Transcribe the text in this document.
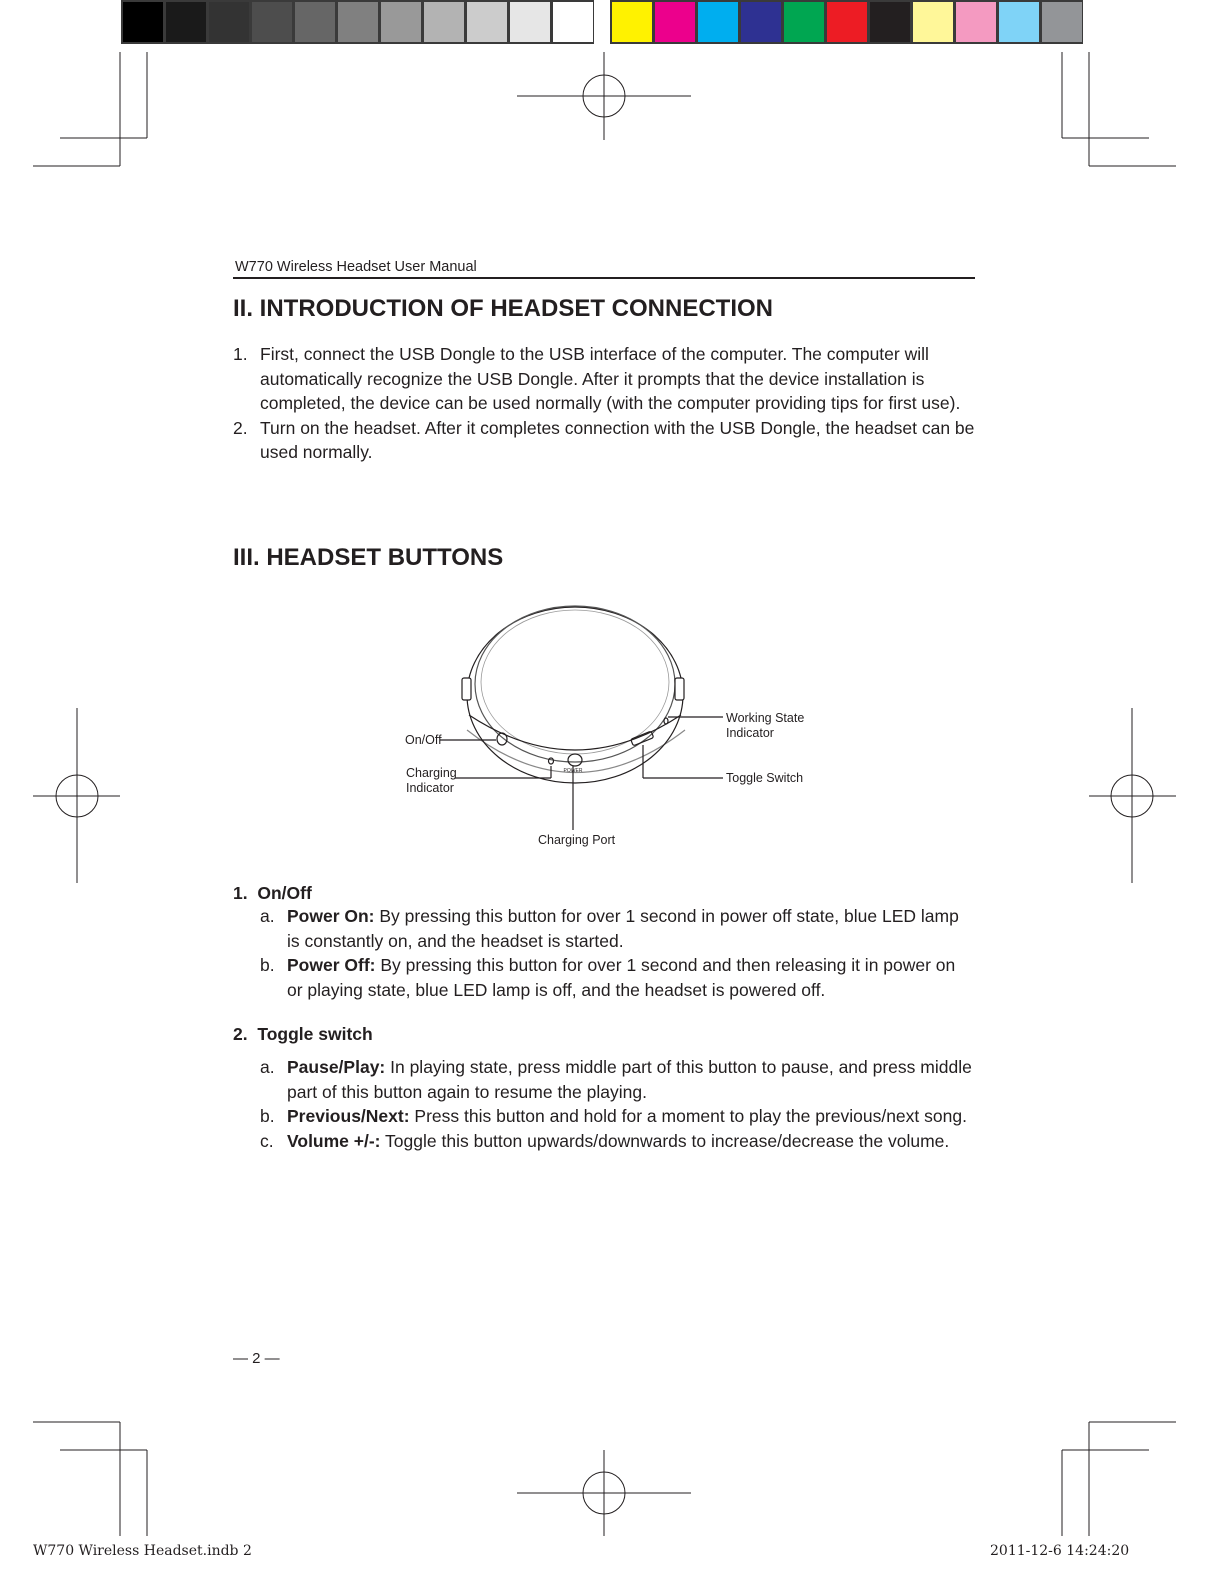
W770 Wireless Headset User Manual
II. INTRODUCTION OF HEADSET CONNECTION
1. First, connect the USB Dongle to the USB interface of the computer. The computer will automatically recognize the USB Dongle. After it prompts that the device installation is completed, the device can be used normally (with the computer providing tips for first use).
2. Turn on the headset. After it completes connection with the USB Dongle, the headset can be used normally.
III. HEADSET BUTTONS
POWER
On/Off
Charging
Indicator
Working State
Indicator
Toggle Switch
Charging Port
1. On/Off
a. Power On: By pressing this button for over 1 second in power off state, blue LED lamp is constantly on, and the headset is started.
b. Power Off: By pressing this button for over 1 second and then releasing it in power on or playing state, blue LED lamp is off, and the headset is powered off.
2. Toggle switch
a. Pause/Play: In playing state, press middle part of this button to pause, and press middle part of this button again to resume the playing.
b. Previous/Next: Press this button and hold for a moment to play the previous/next song.
c. Volume +/-: Toggle this button upwards/downwards to increase/decrease the volume.
— 2 —
W770 Wireless Headset.indb 2	2011-12-6 14:24:20
